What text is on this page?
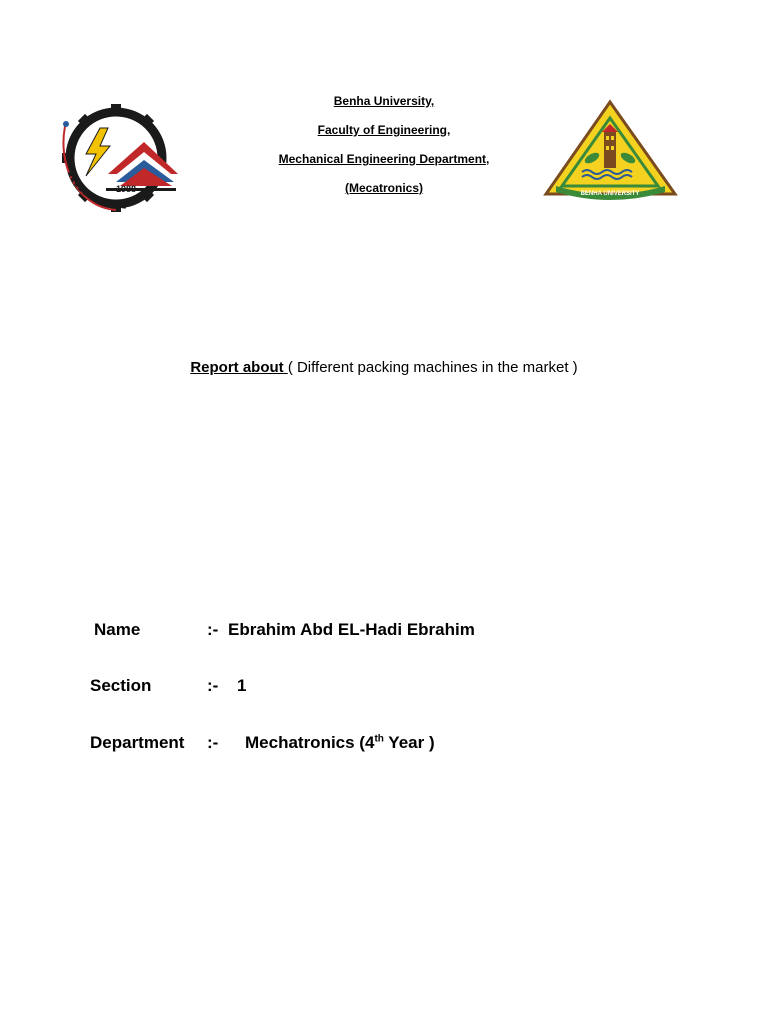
Benha University,
Faculty of Engineering,
Mechanical Engineering Department,
(Mecatronics)
1988	BENHA UNIVERSITY
Report about ( Different packing machines in the market )
Name	:- Ebrahim Abd EL-Hadi Ebrahim
Section	:- 1
Department :- Mechatronics (4th Year )
